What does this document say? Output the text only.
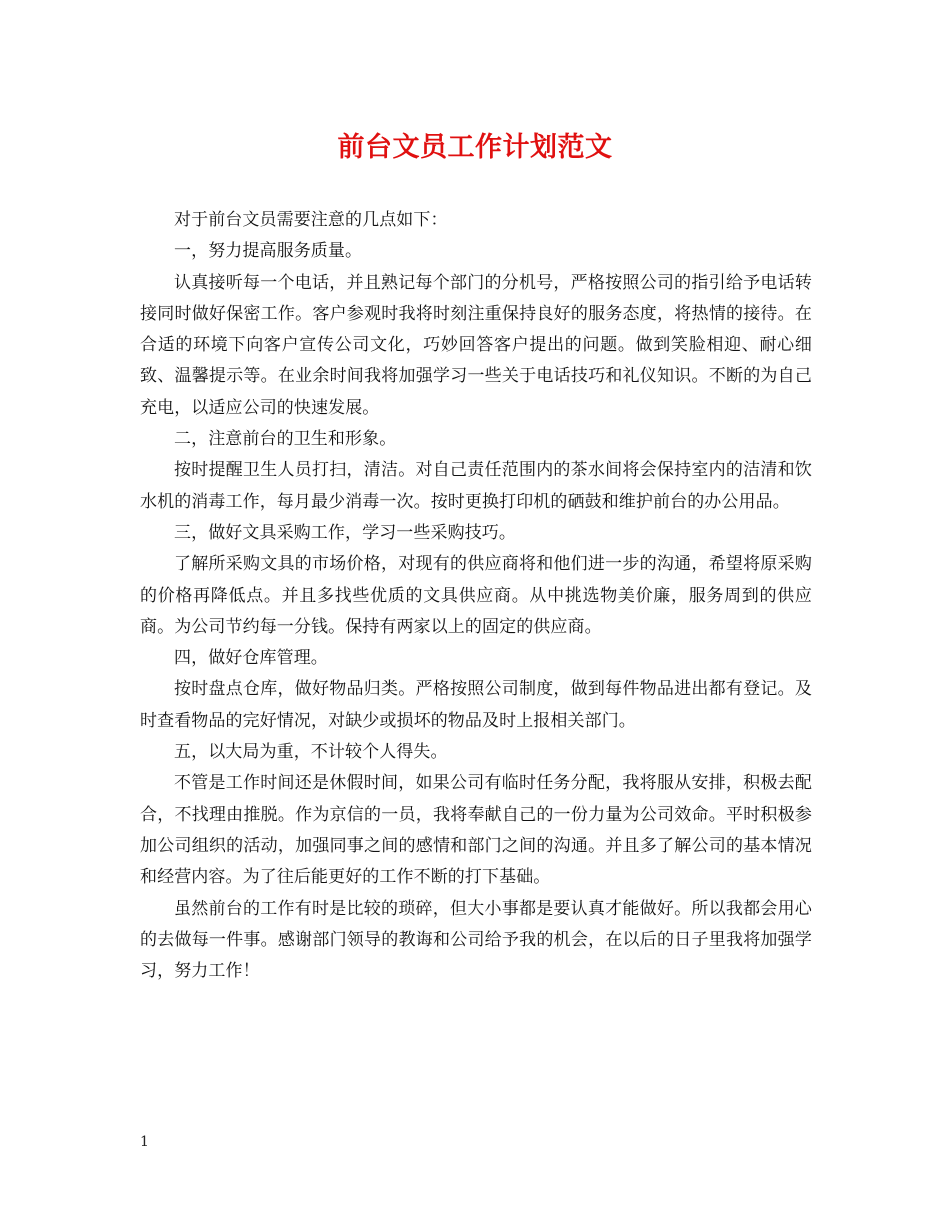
前台文员工作计划范文

对于前台文员需要注意的几点如下：

一，努力提高服务质量。

认真接听每一个电话，并且熟记每个部门的分机号，严格按照公司的指引给予电话转接同时做好保密工作。客户参观时我将时刻注重保持良好的服务态度，将热情的接待。在合适的环境下向客户宣传公司文化，巧妙回答客户提出的问题。做到笑脸相迎、耐心细致、温馨提示等。在业余时间我将加强学习一些关于电话技巧和礼仪知识。不断的为自己充电，以适应公司的快速发展。

二，注意前台的卫生和形象。

按时提醒卫生人员打扫，清洁。对自己责任范围内的茶水间将会保持室内的洁清和饮水机的消毒工作，每月最少消毒一次。按时更换打印机的硒鼓和维护前台的办公用品。

三，做好文具采购工作，学习一些采购技巧。

了解所采购文具的市场价格，对现有的供应商将和他们进一步的沟通，希望将原采购的价格再降低点。并且多找些优质的文具供应商。从中挑选物美价廉，服务周到的供应商。为公司节约每一分钱。保持有两家以上的固定的供应商。

四，做好仓库管理。

按时盘点仓库，做好物品归类。严格按照公司制度，做到每件物品进出都有登记。及时查看物品的完好情况，对缺少或损坏的物品及时上报相关部门。

五，以大局为重，不计较个人得失。

不管是工作时间还是休假时间，如果公司有临时任务分配，我将服从安排，积极去配合，不找理由推脱。作为京信的一员，我将奉献自己的一份力量为公司效命。平时积极参加公司组织的活动，加强同事之间的感情和部门之间的沟通。并且多了解公司的基本情况和经营内容。为了往后能更好的工作不断的打下基础。

虽然前台的工作有时是比较的琐碎，但大小事都是要认真才能做好。所以我都会用心的去做每一件事。感谢部门领导的教诲和公司给予我的机会，在以后的日子里我将加强学习，努力工作！

1
